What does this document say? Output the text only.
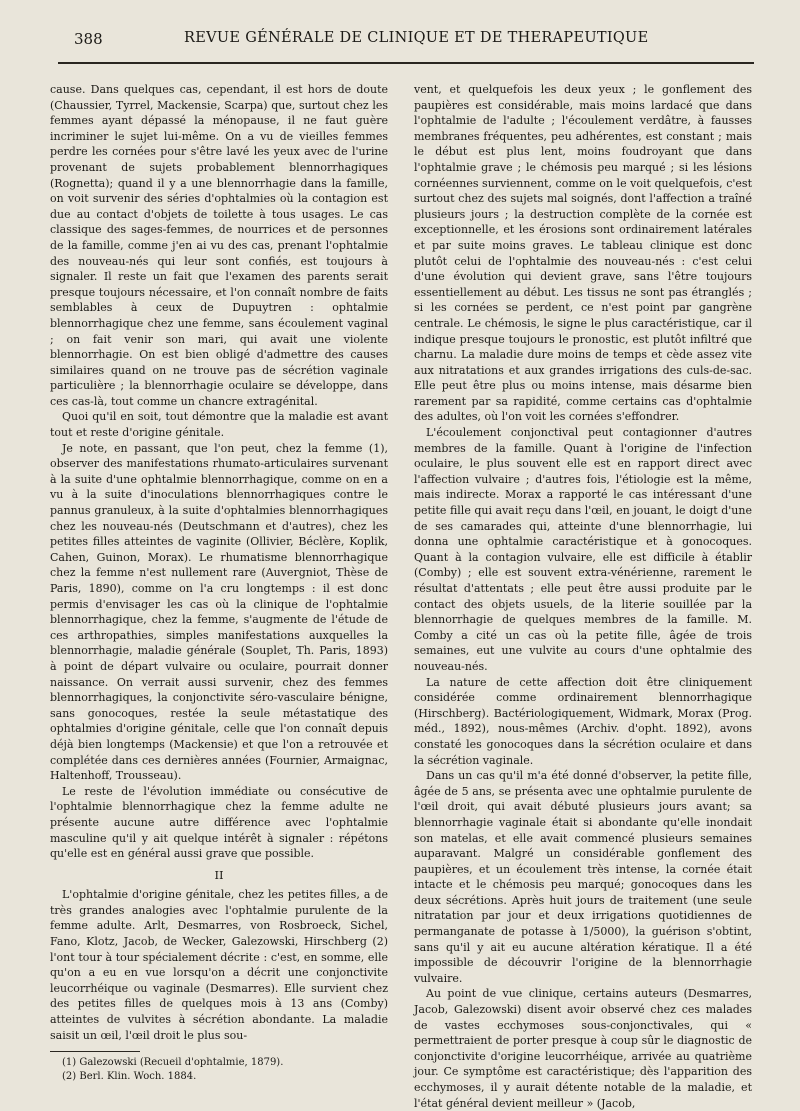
388	REVUE GÉNÉRALE DE CLINIQUE ET DE THERAPEUTIQUE

cause. Dans quelques cas, cependant, il est hors de doute (Chaussier, Tyrrel, Mackensie, Scarpa) que, surtout chez les femmes ayant dépassé la ménopause, il ne faut guère incriminer le sujet lui-même. On a vu de vieilles femmes perdre les cornées pour s'être lavé les yeux avec de l'urine provenant de sujets probablement blennorrhagiques (Rognetta); quand il y a une blennorrhagie dans la famille, on voit survenir des séries d'ophtalmies où la contagion est due au contact d'objets de toilette à tous usages. Le cas classique des sages-femmes, de nourrices et de personnes de la famille, comme j'en ai vu des cas, prenant l'ophtalmie des nouveau-nés qui leur sont confiés, est toujours à signaler. Il reste un fait que l'examen des parents serait presque toujours nécessaire, et l'on connaît nombre de faits semblables à ceux de Dupuytren : ophtalmie blennorrhagique chez une femme, sans écoulement vaginal ; on fait venir son mari, qui avait une violente blennorrhagie. On est bien obligé d'admettre des causes similaires quand on ne trouve pas de sécrétion vaginale particulière ; la blennorrhagie oculaire se développe, dans ces cas-là, tout comme un chancre extragénital.

Quoi qu'il en soit, tout démontre que la maladie est avant tout et reste d'origine génitale.

Je note, en passant, que l'on peut, chez la femme (1), observer des manifestations rhumato-articulaires survenant à la suite d'une ophtalmie blennorrhagique, comme on en a vu à la suite d'inoculations blennorrhagiques contre le pannus granuleux, à la suite d'ophtalmies blennorrhagiques chez les nouveau-nés (Deutschmann et d'autres), chez les petites filles atteintes de vaginite (Ollivier, Béclère, Koplik, Cahen, Guinon, Morax). Le rhumatisme blennorrhagique chez la femme n'est nullement rare (Auvergniot, Thèse de Paris, 1890), comme on l'a cru longtemps : il est donc permis d'envisager les cas où la clinique de l'ophtalmie blennorrhagique, chez la femme, s'augmente de l'étude de ces arthropathies, simples manifestations auxquelles la blennorrhagie, maladie générale (Souplet, Th. Paris, 1893) à point de départ vulvaire ou oculaire, pourrait donner naissance. On verrait aussi survenir, chez des femmes blennorrhagiques, la conjonctivite séro-vasculaire bénigne, sans gonocoques, restée la seule métastatique des ophtalmies d'origine génitale, celle que l'on connaît depuis déjà bien longtemps (Mackensie) et que l'on a retrouvée et complétée dans ces dernières années (Fournier, Armaignac, Haltenhoff, Trousseau).

Le reste de l'évolution immédiate ou consécutive de l'ophtalmie blennorrhagique chez la femme adulte ne présente aucune autre différence avec l'ophtalmie masculine qu'il y ait quelque intérêt à signaler : répétons qu'elle est en général aussi grave que possible.

II

L'ophtalmie d'origine génitale, chez les petites filles, a de très grandes analogies avec l'ophtalmie purulente de la femme adulte. Arlt, Desmarres, von Rosbroeck, Sichel, Fano, Klotz, Jacob, de Wecker, Galezowski, Hirschberg (2) l'ont tour à tour spécialement décrite : c'est, en somme, elle qu'on a eu en vue lorsqu'on a décrit une conjonctivite leucorrhéique ou vaginale (Desmarres). Elle survient chez des petites filles de quelques mois à 13 ans (Comby) atteintes de vulvites à sécrétion abondante. La maladie saisit un œil, l'œil droit le plus sou-

(1) Galezowski (Recueil d'ophtalmie, 1879).

(2) Berl. Klin. Woch. 1884.

vent, et quelquefois les deux yeux ; le gonflement des paupières est considérable, mais moins lardacé que dans l'ophtalmie de l'adulte ; l'écoulement verdâtre, à fausses membranes fréquentes, peu adhérentes, est constant ; mais le début est plus lent, moins foudroyant que dans l'ophtalmie grave ; le chémosis peu marqué ; si les lésions cornéennes surviennent, comme on le voit quelquefois, c'est surtout chez des sujets mal soignés, dont l'affection a traîné plusieurs jours ; la destruction complète de la cornée est exceptionnelle, et les érosions sont ordinairement latérales et par suite moins graves. Le tableau clinique est donc plutôt celui de l'ophtalmie des nouveau-nés : c'est celui d'une évolution qui devient grave, sans l'être toujours essentiellement au début. Les tissus ne sont pas étranglés ; si les cornées se perdent, ce n'est point par gangrène centrale. Le chémosis, le signe le plus caractéristique, car il indique presque toujours le pronostic, est plutôt infiltré que charnu. La maladie dure moins de temps et cède assez vite aux nitratations et aux grandes irrigations des culs-de-sac. Elle peut être plus ou moins intense, mais désarme bien rarement par sa rapidité, comme certains cas d'ophtalmie des adultes, où l'on voit les cornées s'effondrer.

L'écoulement conjonctival peut contagionner d'autres membres de la famille. Quant à l'origine de l'infection oculaire, le plus souvent elle est en rapport direct avec l'affection vulvaire ; d'autres fois, l'étiologie est la même, mais indirecte. Morax a rapporté le cas intéressant d'une petite fille qui avait reçu dans l'œil, en jouant, le doigt d'une de ses camarades qui, atteinte d'une blennorrhagie, lui donna une ophtalmie caractéristique et à gonocoques. Quant à la contagion vulvaire, elle est difficile à établir (Comby) ; elle est souvent extra-vénérienne, rarement le résultat d'attentats ; elle peut être aussi produite par le contact des objets usuels, de la literie souillée par la blennorrhagie de quelques membres de la famille. M. Comby a cité un cas où la petite fille, âgée de trois semaines, eut une vulvite au cours d'une ophtalmie des nouveau-nés.

La nature de cette affection doit être cliniquement considérée comme ordinairement blennorrhagique (Hirschberg). Bactériologiquement, Widmark, Morax (Prog. méd., 1892), nous-mêmes (Archiv. d'opht. 1892), avons constaté les gonocoques dans la sécrétion oculaire et dans la sécrétion vaginale.

Dans un cas qu'il m'a été donné d'observer, la petite fille, âgée de 5 ans, se présenta avec une ophtalmie purulente de l'œil droit, qui avait débuté plusieurs jours avant; sa blennorrhagie vaginale était si abondante qu'elle inondait son matelas, et elle avait commencé plusieurs semaines auparavant. Malgré un considérable gonflement des paupières, et un écoulement très intense, la cornée était intacte et le chémosis peu marqué; gonocoques dans les deux sécrétions. Après huit jours de traitement (une seule nitratation par jour et deux irrigations quotidiennes de permanganate de potasse à 1/5000), la guérison s'obtint, sans qu'il y ait eu aucune altération kératique. Il a été impossible de découvrir l'origine de la blennorrhagie vulvaire.

Au point de vue clinique, certains auteurs (Desmarres, Jacob, Galezowski) disent avoir observé chez ces malades de vastes ecchymoses sous-conjonctivales, qui « permettraient de porter presque à coup sûr le diagnostic de conjonctivite d'origine leucorrhéique, arrivée au quatrième jour. Ce symptôme est caractéristique; dès l'apparition des ecchymoses, il y aurait détente notable de la maladie, et l'état général devient meilleur » (Jacob,
